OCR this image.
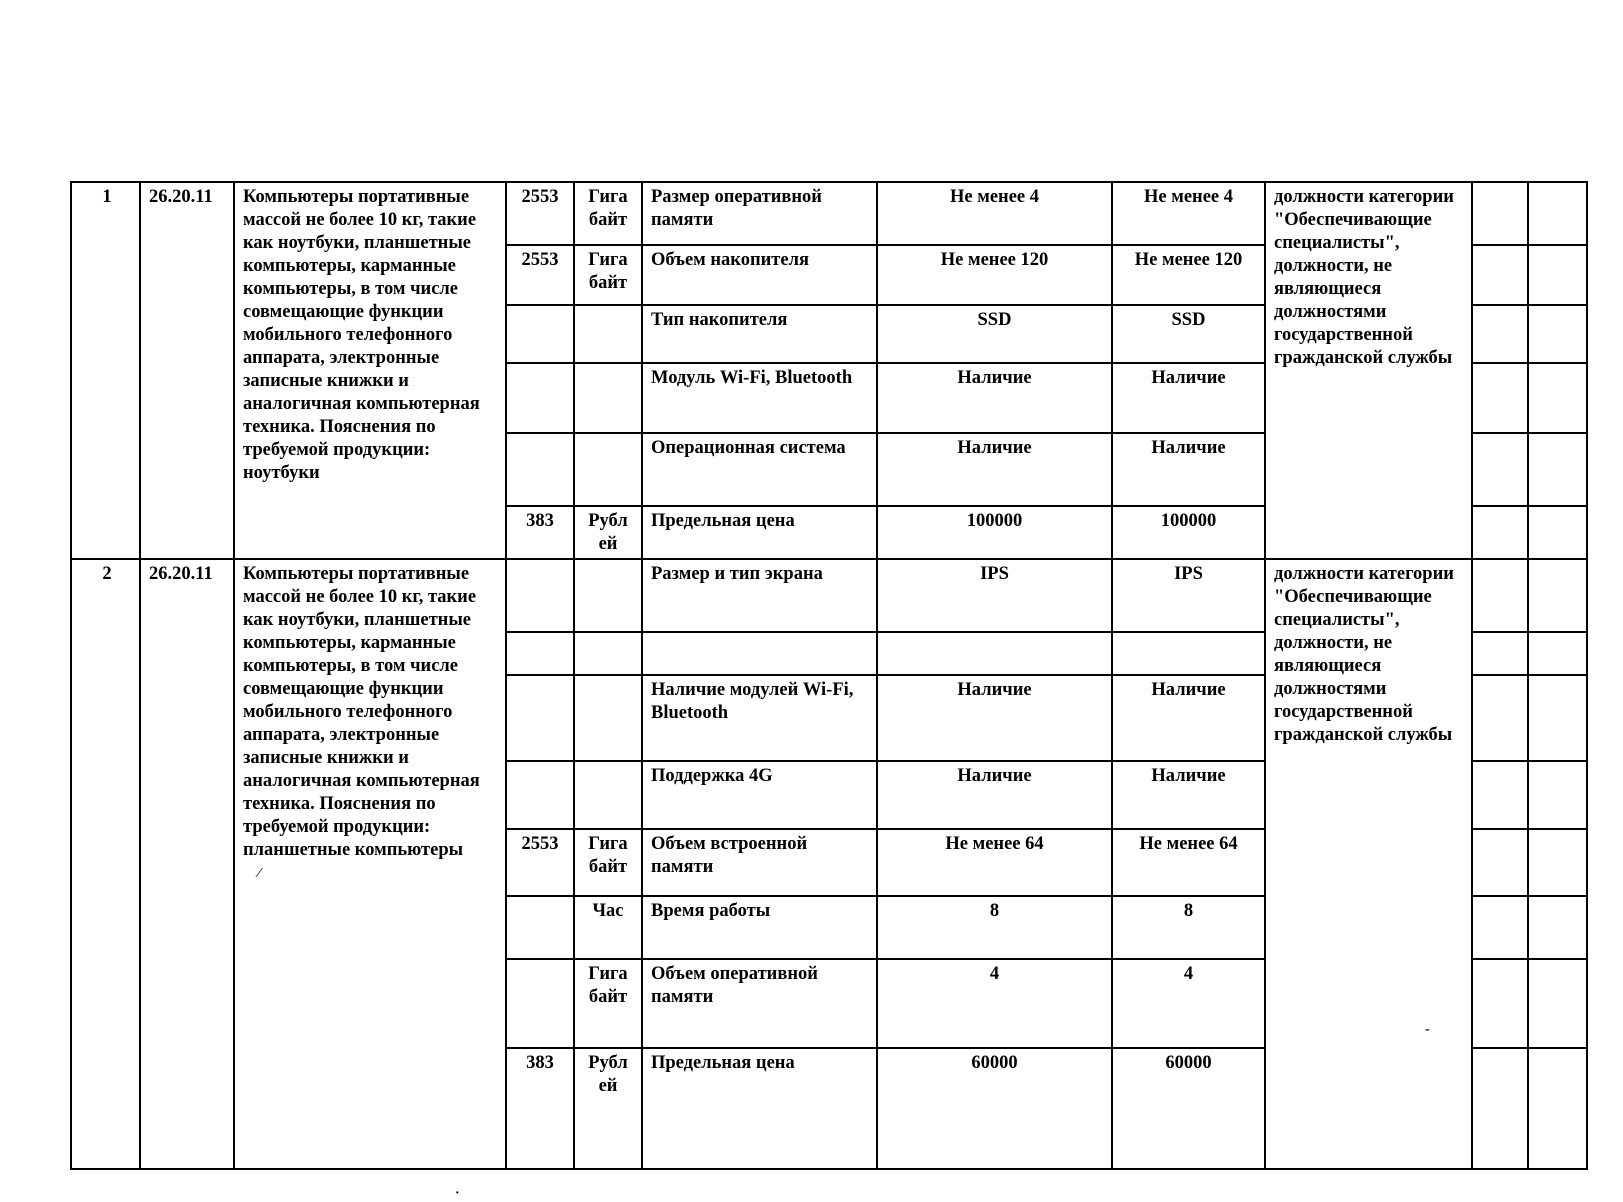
1	26.20.11	Компьютеры портативные массой не более 10 кг, такие как ноутбуки, планшетные компьютеры, карманные компьютеры, в том числе совмещающие функции мобильного телефонного аппарата, электронные записные книжки и аналогичная компьютерная техника. Пояснения по требуемой продукции: ноутбуки	2553	Гига байт	Размер оперативной памяти	Не менее 4	Не менее 4	должности категории "Обеспечивающие специалисты", должности, не являющиеся должностями государственной гражданской службы		
			2553	Гига байт	Объем накопителя	Не менее 120	Не менее 120			
					Тип накопителя	SSD	SSD			
					Модуль Wi-Fi, Bluetooth	Наличие	Наличие			
					Операционная система	Наличие	Наличие			
			383	Рубл ей	Предельная цена	100000	100000			
2	26.20.11	Компьютеры портативные массой не более 10 кг, такие как ноутбуки, планшетные компьютеры, карманные компьютеры, в том числе совмещающие функции мобильного телефонного аппарата, электронные записные книжки и аналогичная компьютерная техника. Пояснения по требуемой продукции: планшетные компьютеры			Размер и тип экрана	IPS	IPS	должности категории "Обеспечивающие специалисты", должности, не являющиеся должностями государственной гражданской службы		

					Наличие модулей Wi-Fi, Bluetooth	Наличие	Наличие			
					Поддержка 4G	Наличие	Наличие			
			2553	Гига байт	Объем встроенной памяти	Не менее 64	Не менее 64			
				Час	Время работы	8	8			
				Гига байт	Объем оперативной памяти	4	4			
			383	Рубл ей	Предельная цена	60000	60000			
⁄
‐
·
